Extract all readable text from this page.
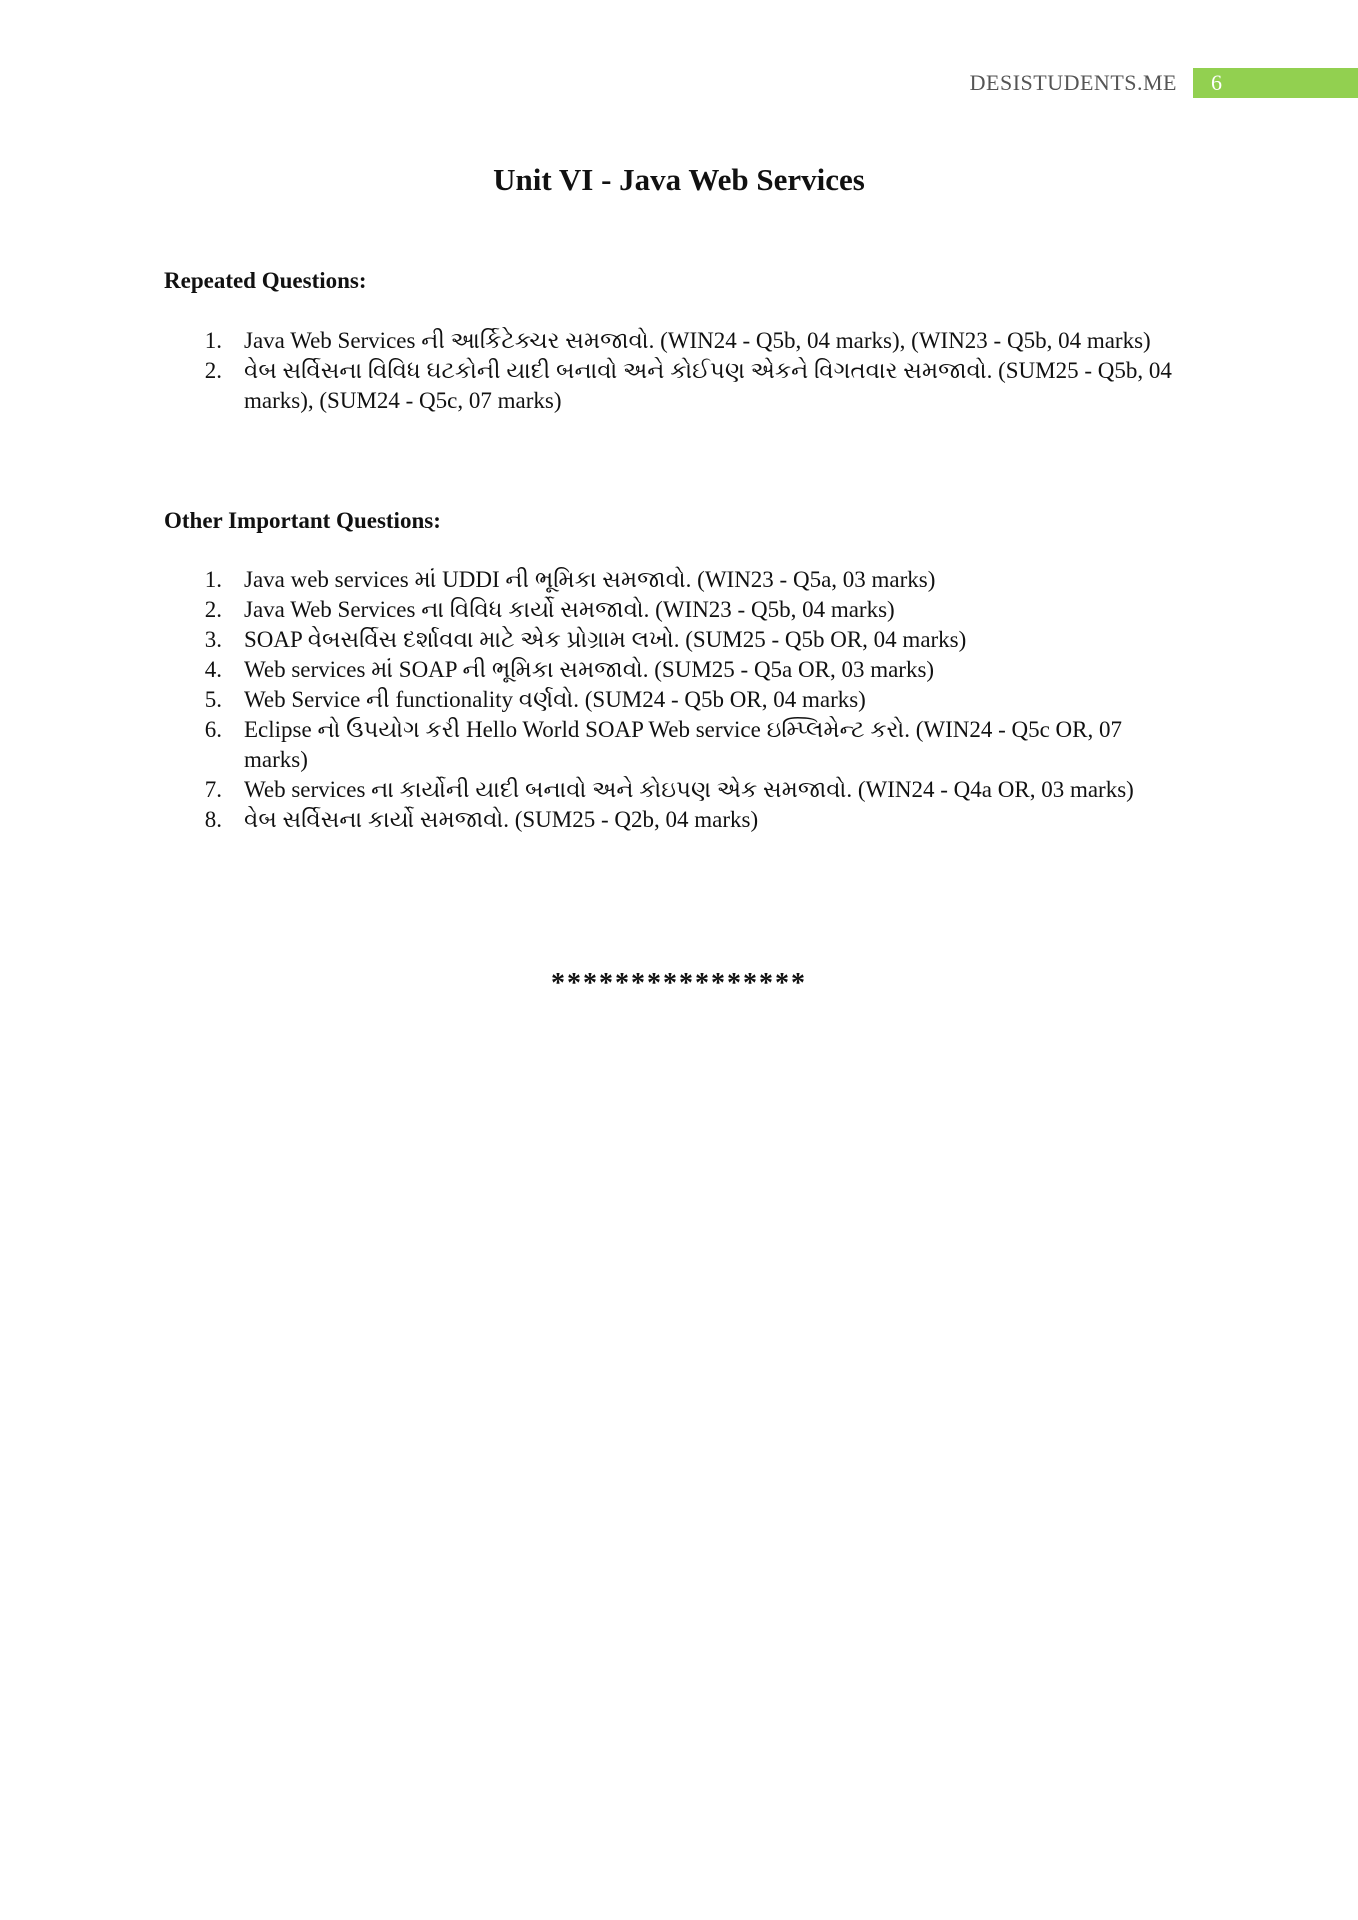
DESISTUDENTS.ME	6
Unit VI - Java Web Services
Repeated Questions:
1. Java Web Services ની આર્કિટેક્ચર સમજાવો. (WIN24 - Q5b, 04 marks), (WIN23 - Q5b, 04 marks)
2. વેબ સર્વિસના વિવિધ ઘટકોની યાદી બનાવો અને કોઈપણ એકને વિગતવાર સમજાવો. (SUM25 - Q5b, 04 marks), (SUM24 - Q5c, 07 marks)
Other Important Questions:
1. Java web services માં UDDI ની ભૂમિકા સમજાવો. (WIN23 - Q5a, 03 marks)
2. Java Web Services ના વિવિધ કાર્યો સમજાવો. (WIN23 - Q5b, 04 marks)
3. SOAP વેબસર્વિસ દર્શાવવા માટે એક પ્રોગ્રામ લખો. (SUM25 - Q5b OR, 04 marks)
4. Web services માં SOAP ની ભૂમિકા સમજાવો. (SUM25 - Q5a OR, 03 marks)
5. Web Service ની functionality વર્ણવો. (SUM24 - Q5b OR, 04 marks)
6. Eclipse નો ઉપયોગ કરી Hello World SOAP Web service ઇમ્પ્લિમેન્ટ કરો. (WIN24 - Q5c OR, 07 marks)
7. Web services ના કાર્યોની યાદી બનાવો અને કોઇપણ એક સમજાવો. (WIN24 - Q4a OR, 03 marks)
8. વેબ સર્વિસના કાર્યો સમજાવો. (SUM25 - Q2b, 04 marks)
****************
